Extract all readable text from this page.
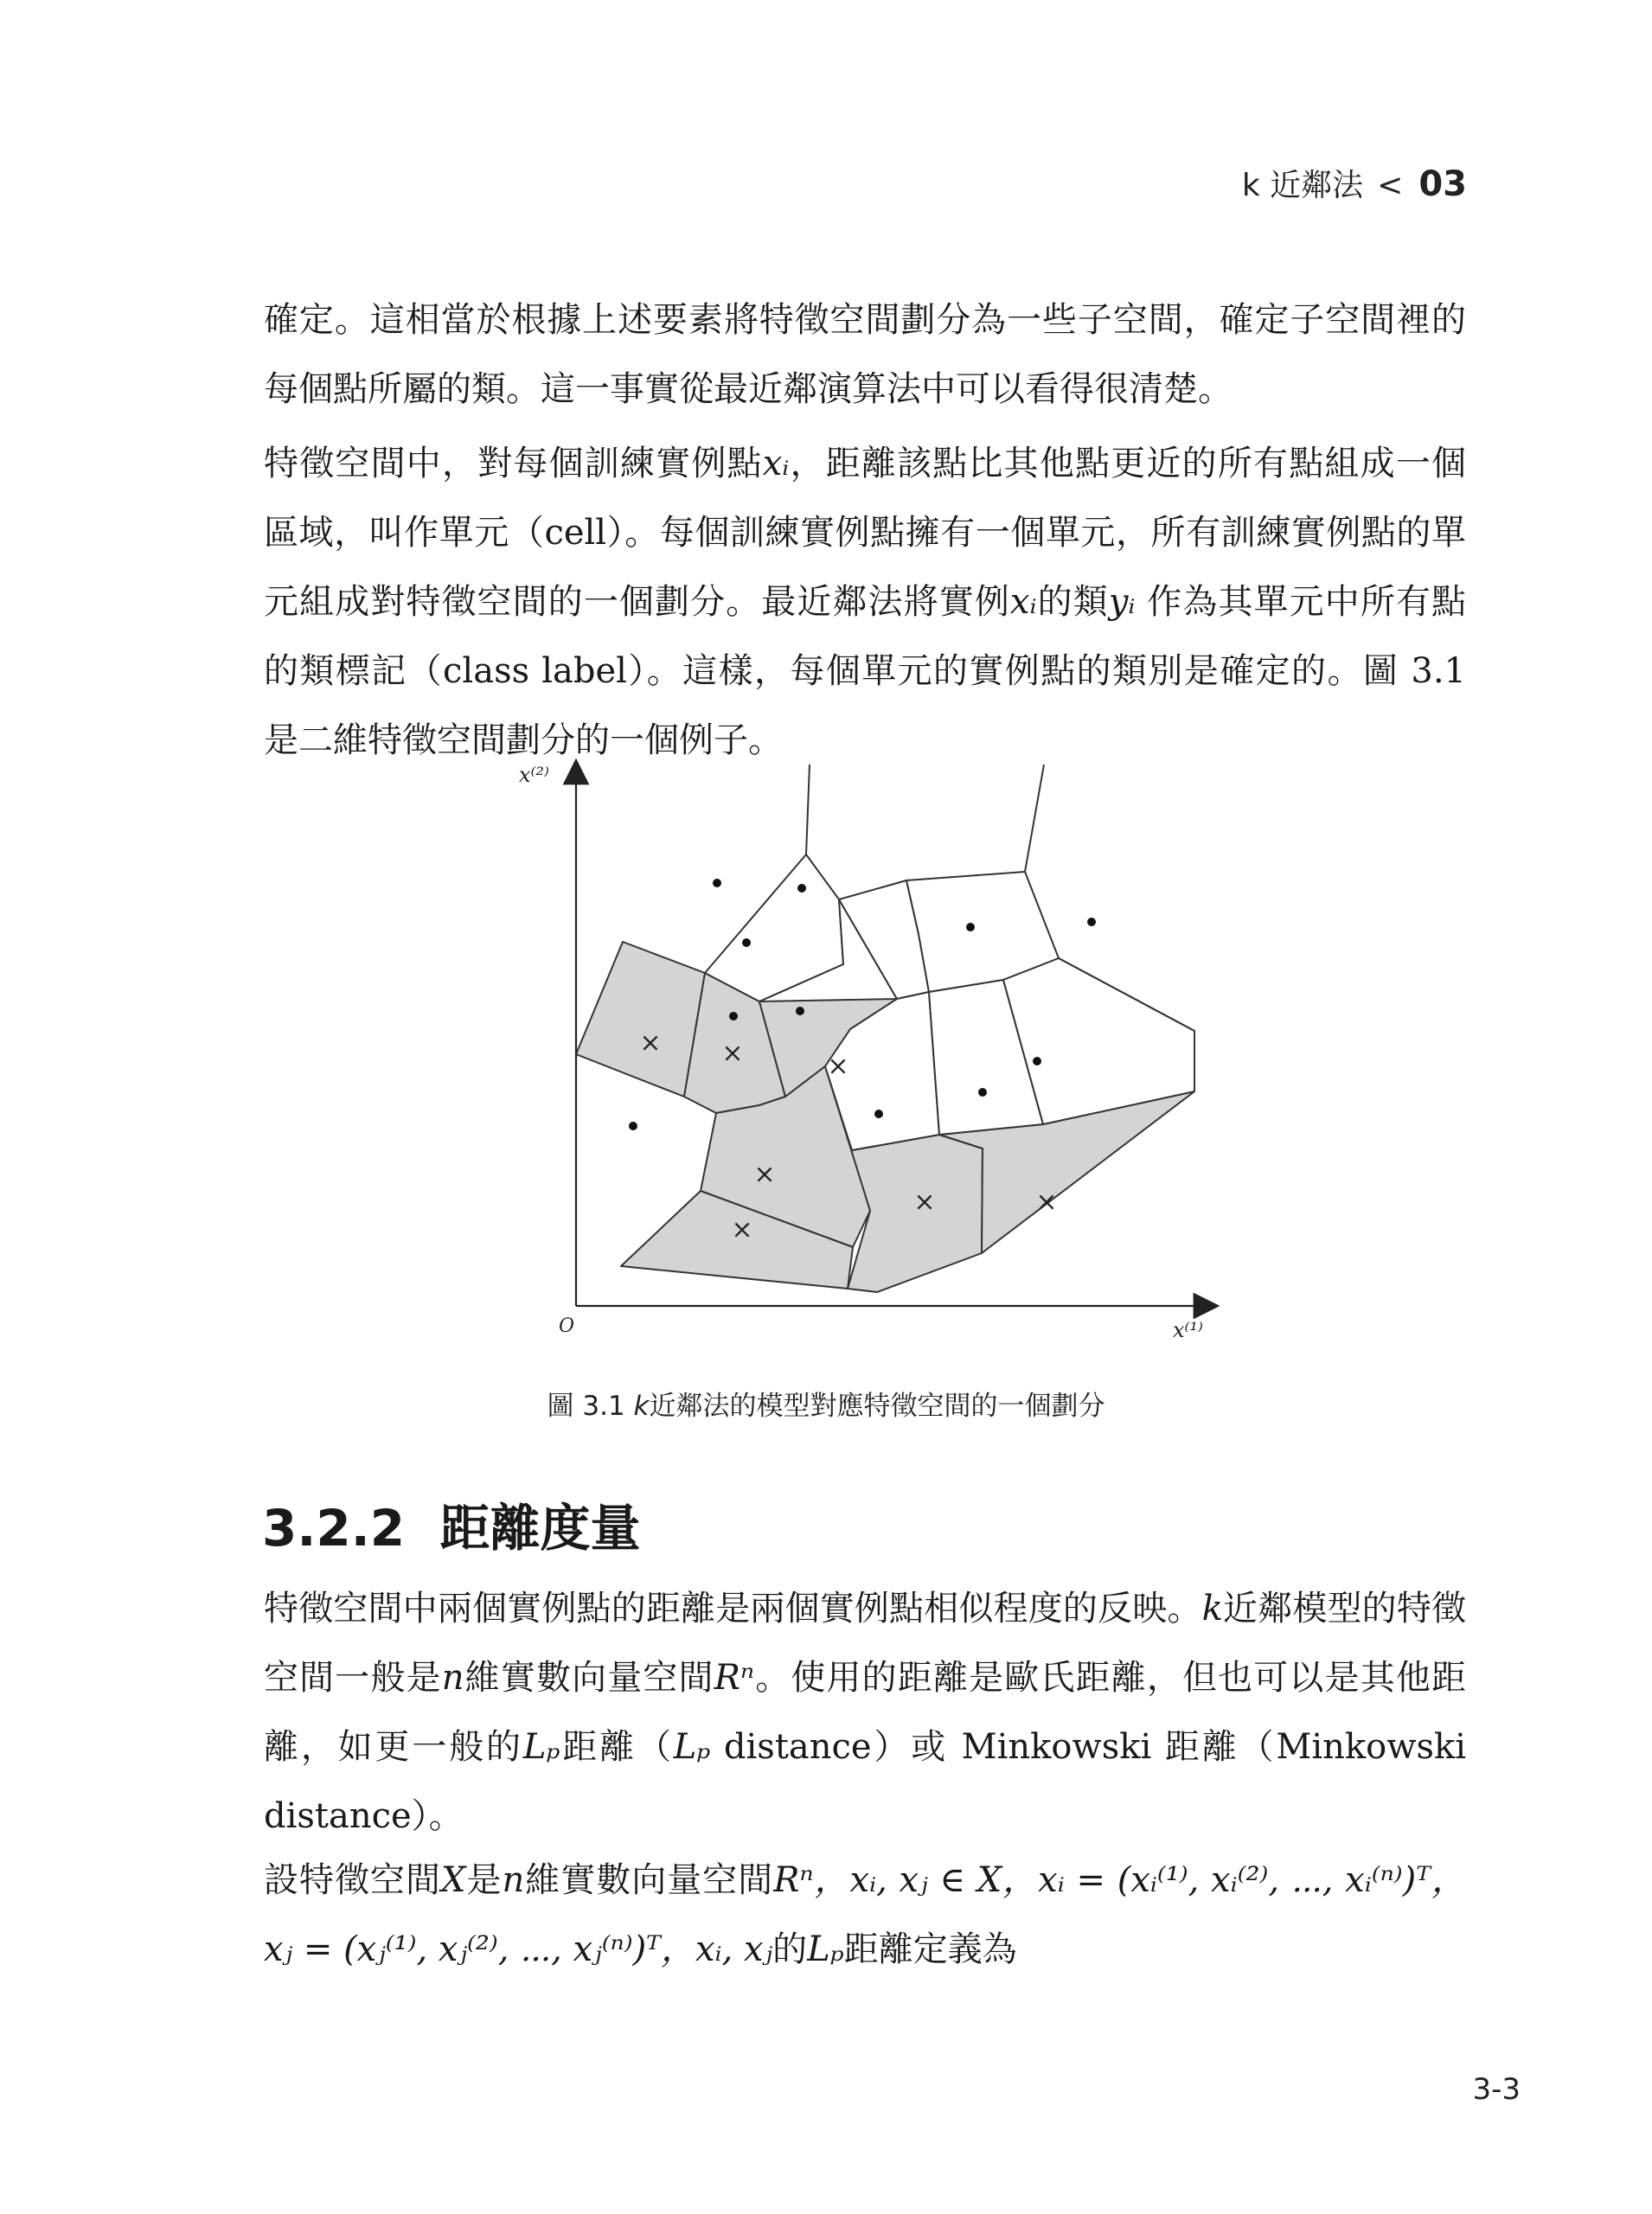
k 近鄰法 < 03

確定。這相當於根據上述要素將特徵空間劃分為一些子空間，確定子空間裡的每個點所屬的類。這一事實從最近鄰演算法中可以看得很清楚。

特徵空間中，對每個訓練實例點xᵢ，距離該點比其他點更近的所有點組成一個區域，叫作單元（cell）。每個訓練實例點擁有一個單元，所有訓練實例點的單元組成對特徵空間的一個劃分。最近鄰法將實例xᵢ的類yᵢ 作為其單元中所有點的類標記（class label）。這樣，每個單元的實例點的類別是確定的。圖 3.1 是二維特徵空間劃分的一個例子。

× ×	×
×
×	×
×
x⁽²⁾
x⁽¹⁾
O
圖 3.1 k近鄰法的模型對應特徵空間的一個劃分
3.2.2 距離度量

特徵空間中兩個實例點的距離是兩個實例點相似程度的反映。k近鄰模型的特徵空間一般是n維實數向量空間Rⁿ。使用的距離是歐氏距離，但也可以是其他距離，如更一般的Lₚ距離（Lₚ distance）或 Minkowski 距離（Minkowski distance）。

設特徵空間X是n維實數向量空間Rⁿ，xᵢ, xⱼ ∈ X，xᵢ = (xᵢ⁽¹⁾, xᵢ⁽²⁾, ⋯, xᵢ⁽ⁿ⁾)ᵀ，xⱼ = (xⱼ⁽¹⁾, xⱼ⁽²⁾, ⋯, xⱼ⁽ⁿ⁾)ᵀ，xᵢ, xⱼ的Lₚ距離定義為

3-3
